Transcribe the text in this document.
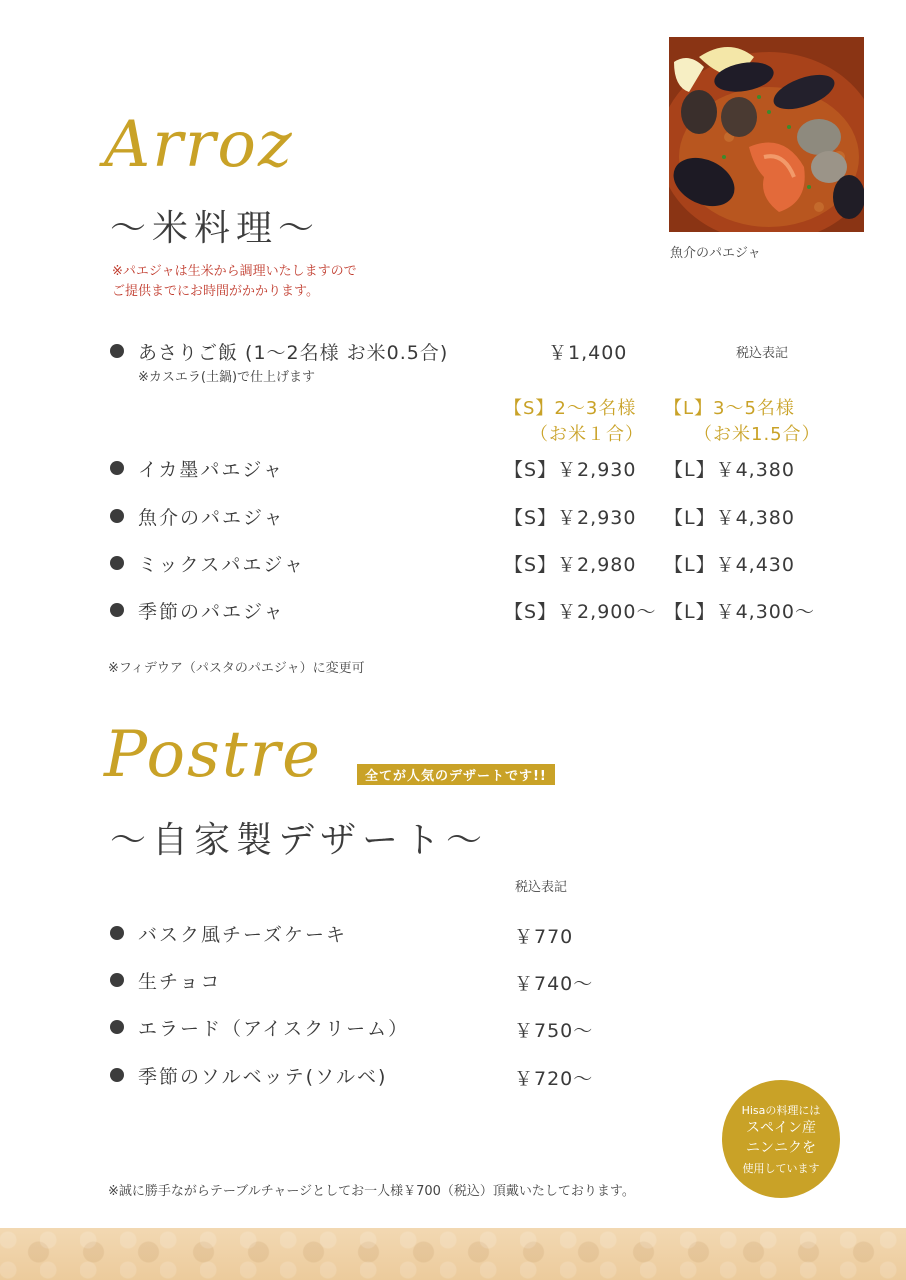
Arroz
〜米料理〜
※パエジャは生米から調理いたしますので
ご提供までにお時間がかかります。
魚介のパエジャ
あさりご飯 (1〜2名様 お米0.5合)	￥1,400	税込表記
※カスエラ(土鍋)で仕上げます
【S】2〜3名様
（お米１合）
【L】3〜5名様
（お米1.5合）
イカ墨パエジャ	【S】￥2,930 【L】￥4,380
魚介のパエジャ	【S】￥2,930 【L】￥4,380
ミックスパエジャ	【S】￥2,980 【L】￥4,430
季節のパエジャ	【S】￥2,900〜 【L】￥4,300〜
※フィデウア（パスタのパエジャ）に変更可
Postre	全てが人気のデザートです!!
〜自家製デザート〜
税込表記
バスク風チーズケーキ	￥770
生チョコ	￥740〜
エラード（アイスクリーム）	￥750〜
季節のソルベッテ(ソルベ)	￥720〜
Hisaの料理には
スペイン産
ニンニクを
使用しています
※誠に勝手ながらテーブルチャージとしてお一人様￥700（税込）頂戴いたしております。
